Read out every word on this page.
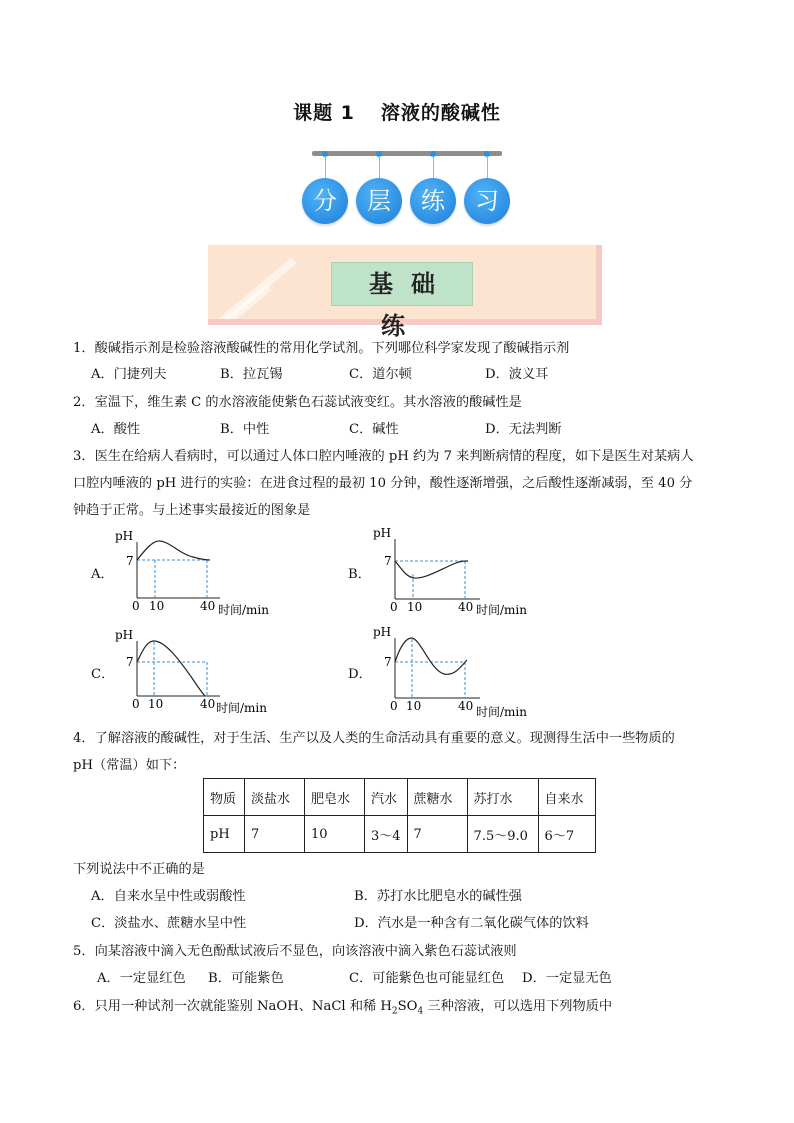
课题 1 溶液的酸碱性
分	层	练	习
基础练
1．酸碱指示剂是检验溶液酸碱性的常用化学试剂。下列哪位科学家发现了酸碱指示剂
A．门捷列夫	B．拉瓦锡	C．道尔顿	D．波义耳
2．室温下，维生素 C 的水溶液能使紫色石蕊试液变红。其水溶液的酸碱性是
A．酸性	B．中性	C．碱性	D．无法判断
3．医生在给病人看病时，可以通过人体口腔内唾液的 pH 约为 7 来判断病情的程度，如下是医生对某病人
口腔内唾液的 pH 进行的实验：在进食过程的最初 10 分钟，酸性逐渐增强，之后酸性逐渐减弱，至 40 分
钟趋于正常。与上述事实最接近的图象是
A．
pH
7
0 10	40 时间/min
B．
pH
7
0 10	40 时间/min
C．
pH
7
0 10	40 时间/min
D．
pH
7
0 10	40 时间/min
4．了解溶液的酸碱性，对于生活、生产以及人类的生命活动具有重要的意义。现测得生活中一些物质的
pH（常温）如下：
物质	淡盐水	肥皂水	汽水	蔗糖水	苏打水	自来水
pH	7	10	3～4	7	7.5～9.0	6～7
下列说法中不正确的是
A．自来水呈中性或弱酸性	B．苏打水比肥皂水的碱性强
C．淡盐水、蔗糖水呈中性	D．汽水是一种含有二氧化碳气体的饮料
5．向某溶液中滴入无色酚酞试液后不显色，向该溶液中滴入紫色石蕊试液则
A．一定显红色 B．可能紫色	C．可能紫色也可能显红色 D．一定显无色
6．只用一种试剂一次就能鉴别 NaOH、NaCl 和稀 $H_2SO_4$ 三种溶液，可以选用下列物质中
